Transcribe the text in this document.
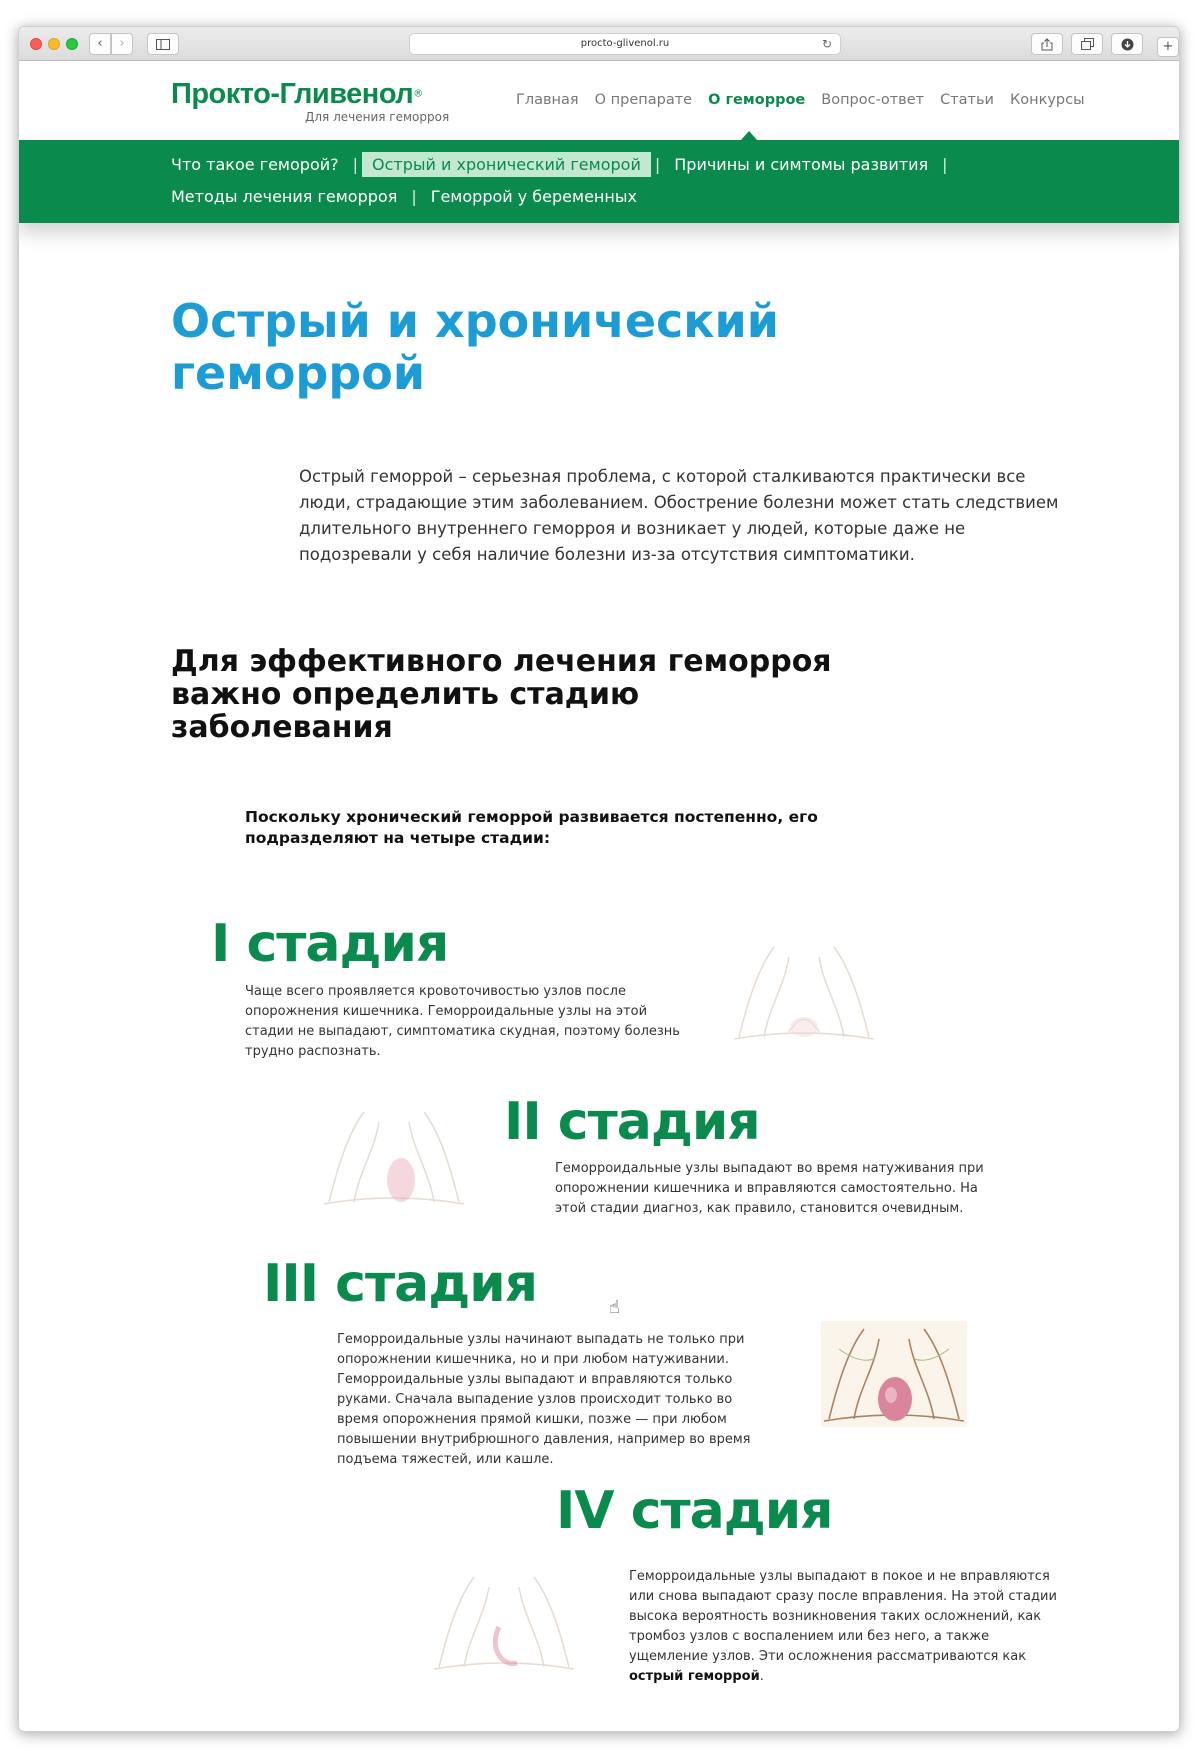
‹	›	procto-glivenol.ru	↻	+
Прокто-Гливенол®
Для лечения геморроя
Главная О препарате О геморрое Вопрос-ответ Статьи Конкурсы
Что такое геморой? | Острый и хронический геморой | Причины и симтомы развития |
Методы лечения геморроя | Геморрой у беременных
Острый и хронический геморрой

Острый геморрой – серьезная проблема, с которой сталкиваются практически все люди, страдающие этим заболеванием. Обострение болезни может стать следствием длительного внутреннего геморроя и возникает у людей, которые даже не подозревали у себя наличие болезни из-за отсутствия симптоматики.

Для эффективного лечения геморроя важно определить стадию заболевания

Поскольку хронический геморрой развивается постепенно, его подразделяют на четыре стадии:

I стадия

Чаще всего проявляется кровоточивостью узлов после опорожнения кишечника. Геморроидальные узлы на этой стадии не выпадают, симптоматика скудная, поэтому болезнь трудно распознать.

II стадия

Геморроидальные узлы выпадают во время натуживания при опорожнении кишечника и вправляются самостоятельно. На этой стадии диагноз, как правило, становится очевидным.

III стадия	☝

Геморроидальные узлы начинают выпадать не только при опорожнении кишечника, но и при любом натуживании. Геморроидальные узлы выпадают и вправляются только руками. Сначала выпадение узлов происходит только во время опорожнения прямой кишки, позже — при любом повышении внутрибрюшного давления, например во время подъема тяжестей, или кашле.

IV стадия

Геморроидальные узлы выпадают в покое и не вправляются или снова выпадают сразу после вправления. На этой стадии высока вероятность возникновения таких осложнений, как тромбоз узлов с воспалением или без него, а также ущемление узлов. Эти осложнения рассматриваются как острый геморрой.
